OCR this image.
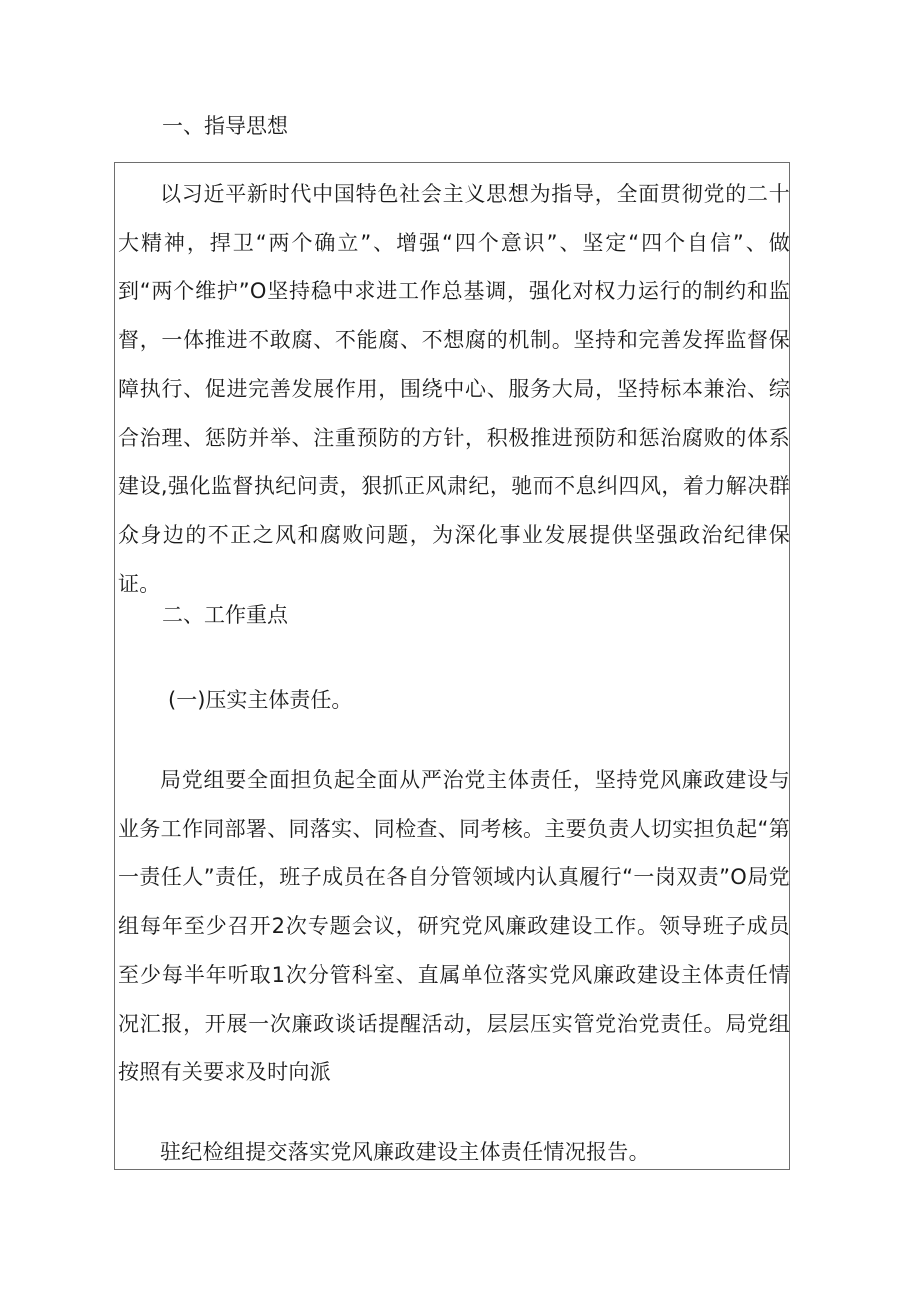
一、指导思想

以习近平新时代中国特色社会主义思想为指导，全面贯彻党的二十大精神，捍卫“两个确立”、增强“四个意识”、坚定“四个自信”、做到“两个维护”O坚持稳中求进工作总基调，强化对权力运行的制约和监督，一体推进不敢腐、不能腐、不想腐的机制。坚持和完善发挥监督保障执行、促进完善发展作用，围绕中心、服务大局，坚持标本兼治、综合治理、惩防并举、注重预防的方针，积极推进预防和惩治腐败的体系建设,强化监督执纪问责，狠抓正风肃纪，驰而不息纠四风，着力解决群众身边的不正之风和腐败问题，为深化事业发展提供坚强政治纪律保证。

二、工作重点
(一)压实主体责任。

局党组要全面担负起全面从严治党主体责任，坚持党风廉政建设与业务工作同部署、同落实、同检查、同考核。主要负责人切实担负起“第一责任人”责任，班子成员在各自分管领域内认真履行“一岗双责”O局党组每年至少召开2次专题会议，研究党风廉政建设工作。领导班子成员至少每半年听取1次分管科室、直属单位落实党风廉政建设主体责任情况汇报，开展一次廉政谈话提醒活动，层层压实管党治党责任。局党组按照有关要求及时向派

驻纪检组提交落实党风廉政建设主体责任情况报告。
